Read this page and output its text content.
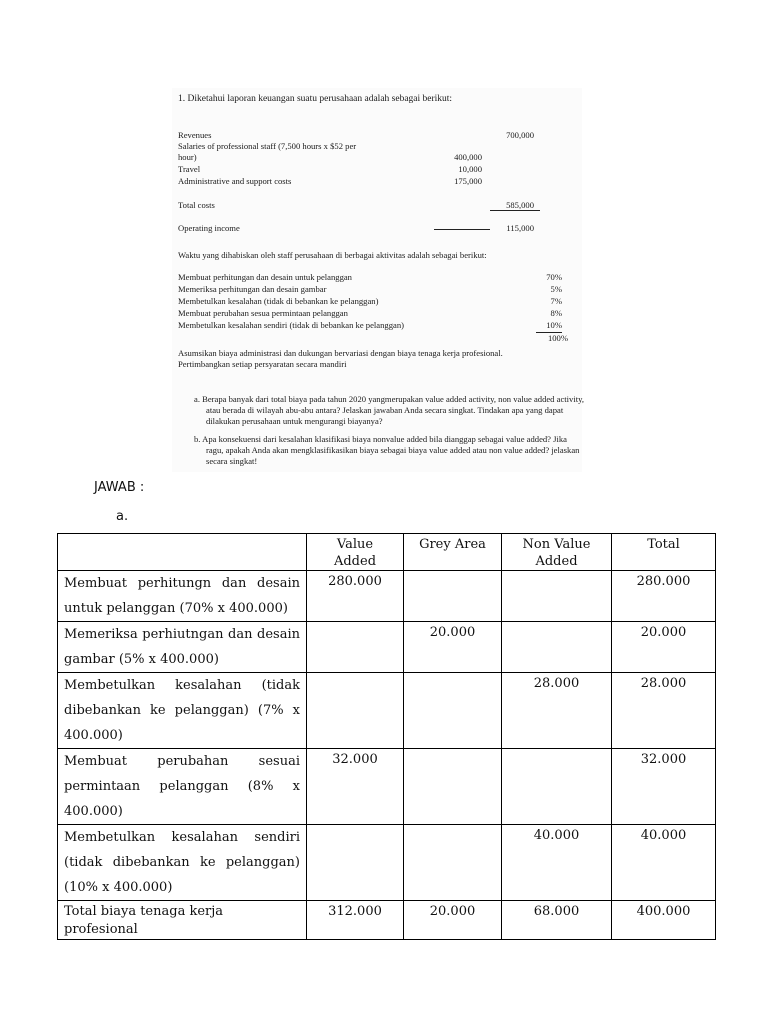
1. Diketahui laporan keuangan suatu perusahaan adalah sebagai berikut:
Revenues	700,000
Salaries of professional staff (7,500 hours x $52 per
hour)	400,000
Travel	10,000
Administrative and support costs	175,000
Total costs	585,000
Operating income	115,000
Waktu yang dihabiskan oleh staff perusahaan di berbagai aktivitas adalah sebagai berikut:
Membuat perhitungan dan desain untuk pelanggan	70%
Memeriksa perhitungan dan desain gambar	5%
Membetulkan kesalahan (tidak di bebankan ke pelanggan)	7%
Membuat perubahan sesua permintaan pelanggan	8%
Membetulkan kesalahan sendiri (tidak di bebankan ke pelanggan)	10%
100%
Asumsikan biaya administrasi dan dukungan bervariasi dengan biaya tenaga kerja profesional.
Pertimbangkan setiap persyaratan secara mandiri
a. Berapa banyak dari total biaya pada tahun 2020 yangmerupakan value added activity, non value added activity, atau berada di wilayah abu-abu antara? Jelaskan jawaban Anda secara singkat. Tindakan apa yang dapat dilakukan perusahaan untuk mengurangi biayanya?
b. Apa konsekuensi dari kesalahan klasifikasi biaya nonvalue added bila dianggap sebagai value added? Jika ragu, apakah Anda akan mengklasifikasikan biaya sebagai biaya value added atau non value added? jelaskan secara singkat!
JAWAB :
a.
	Value Added	Grey Area	Non Value Added	Total
Membuat perhitungn dan desain untuk pelanggan (70% x 400.000)	280.000			280.000
Memeriksa perhiutngan dan desain gambar (5% x 400.000)		20.000		20.000
Membetulkan kesalahan (tidak dibebankan ke pelanggan) (7% x 400.000)			28.000	28.000
Membuat perubahan sesuai permintaan pelanggan (8% x 400.000)	32.000			32.000
Membetulkan kesalahan sendiri (tidak dibebankan ke pelanggan) (10% x 400.000)			40.000	40.000
Total biaya tenaga kerja profesional	312.000	20.000	68.000	400.000
